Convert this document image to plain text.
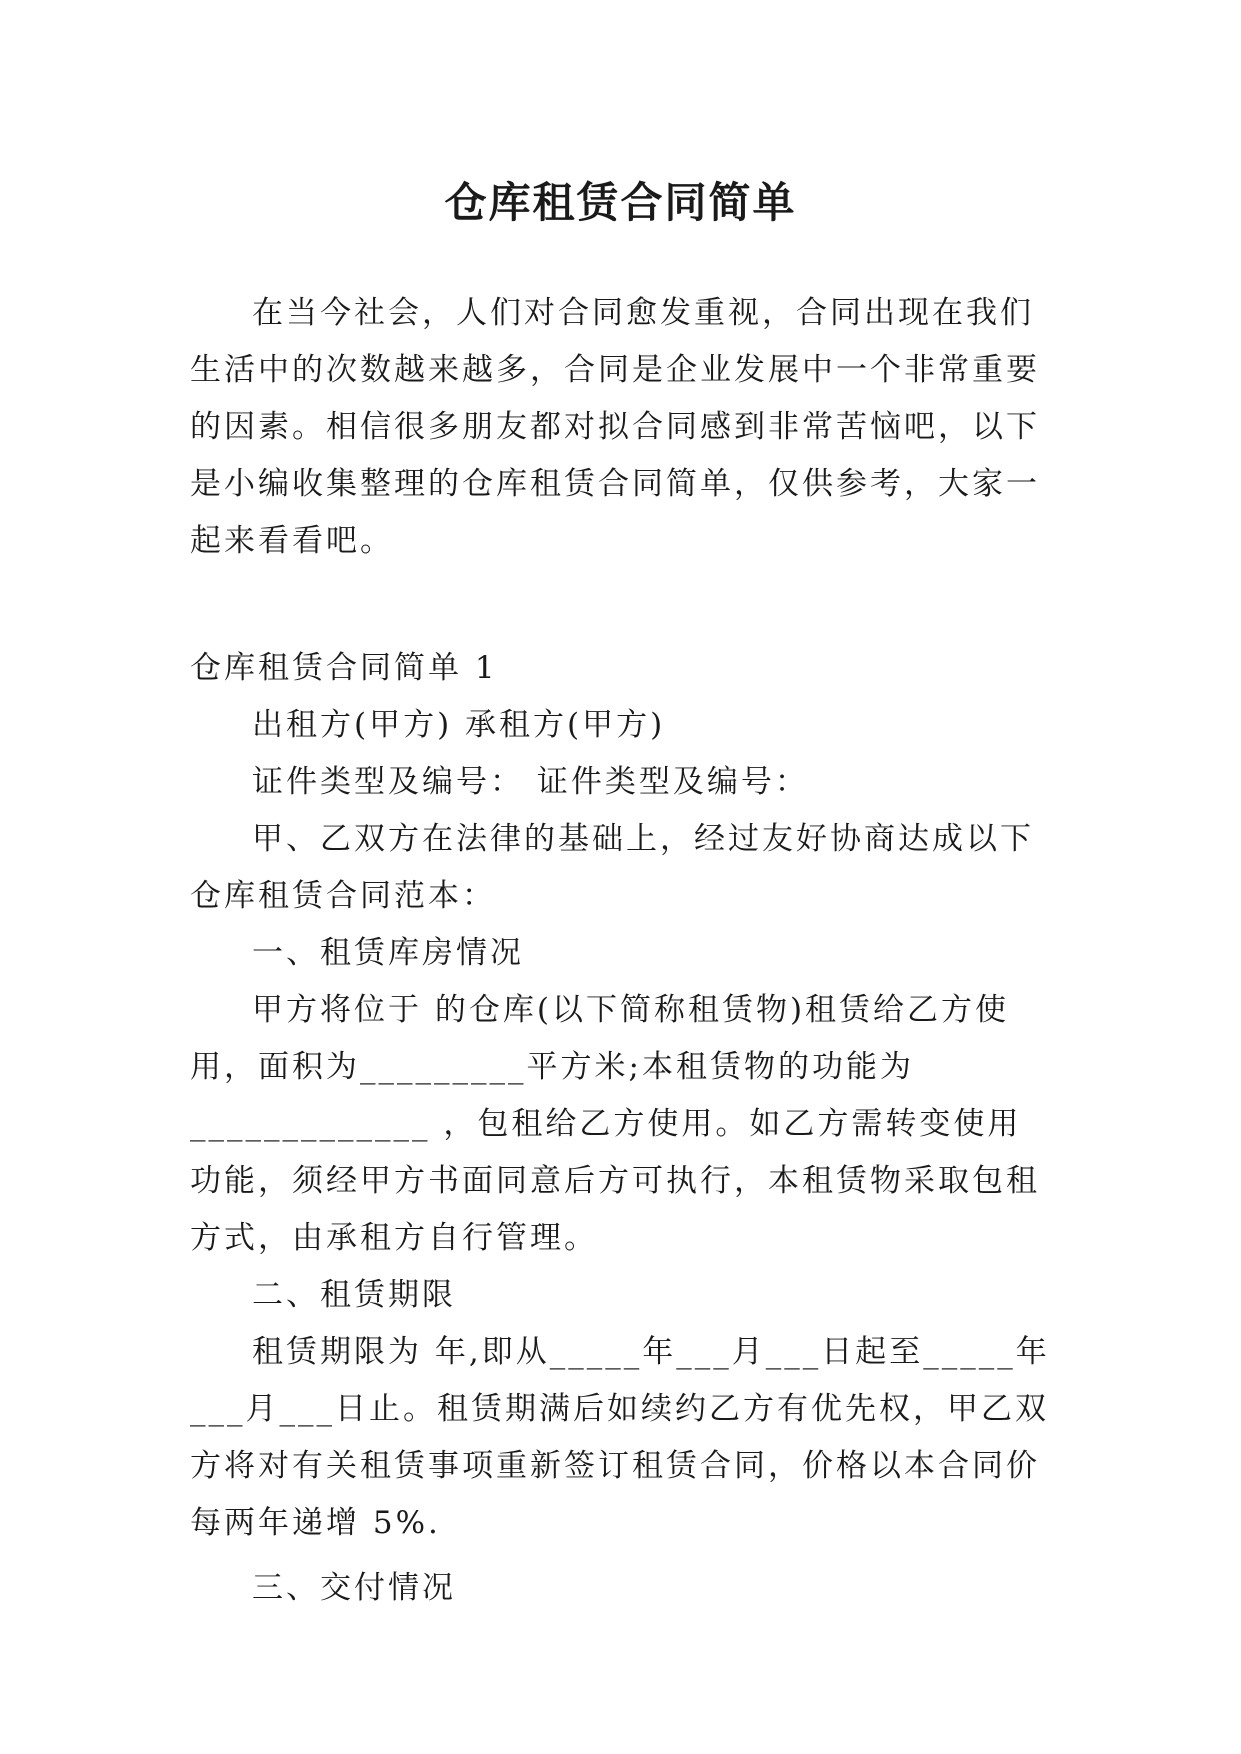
仓库租赁合同简单

在当今社会，人们对合同愈发重视，合同出现在我们生活中的次数越来越多，合同是企业发展中一个非常重要的因素。相信很多朋友都对拟合同感到非常苦恼吧，以下是小编收集整理的仓库租赁合同简单，仅供参考，大家一起来看看吧。

仓库租赁合同简单 1

出租方(甲方) 承租方(甲方)

证件类型及编号： 证件类型及编号：

甲、乙双方在法律的基础上，经过友好协商达成以下仓库租赁合同范本：

一、租赁库房情况

甲方将位于 的仓库(以下简称租赁物)租赁给乙方使用，面积为_________平方米;本租赁物的功能为_____________ ，包租给乙方使用。如乙方需转变使用功能，须经甲方书面同意后方可执行，本租赁物采取包租方式，由承租方自行管理。

二、租赁期限

租赁期限为 年,即从_____年___月___日起至_____年___月___日止。租赁期满后如续约乙方有优先权，甲乙双方将对有关租赁事项重新签订租赁合同，价格以本合同价每两年递增 5%.

三、交付情况
